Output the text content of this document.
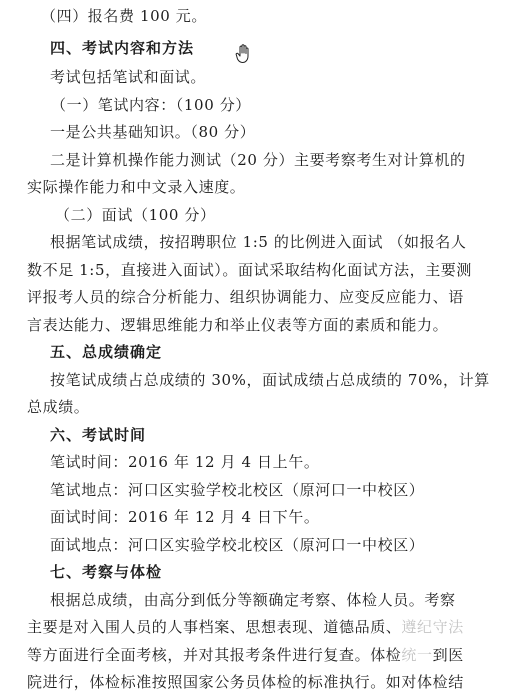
（四）报名费 100 元。
四、考试内容和方法
考试包括笔试和面试。
（一）笔试内容：（100 分）
一是公共基础知识。（80 分）
二是计算机操作能力测试（20 分）主要考察考生对计算机的
实际操作能力和中文录入速度。
（二）面试（100 分）
根据笔试成绩，按招聘职位 1:5 的比例进入面试 （如报名人
数不足 1:5，直接进入面试）。面试采取结构化面试方法，主要测
评报考人员的综合分析能力、组织协调能力、应变反应能力、语
言表达能力、逻辑思维能力和举止仪表等方面的素质和能力。
五、总成绩确定
按笔试成绩占总成绩的 30%，面试成绩占总成绩的 70%，计算
总成绩。
六、考试时间
笔试时间：2016 年 12 月 4 日上午。
笔试地点：河口区实验学校北校区（原河口一中校区）
面试时间：2016 年 12 月 4 日下午。
面试地点：河口区实验学校北校区（原河口一中校区）
七、考察与体检
根据总成绩，由高分到低分等额确定考察、体检人员。考察
主要是对入围人员的人事档案、思想表现、道德品质、遵纪守法
等方面进行全面考核，并对其报考条件进行复查。体检统一到医
院进行，体检标准按照国家公务员体检的标准执行。如对体检结
